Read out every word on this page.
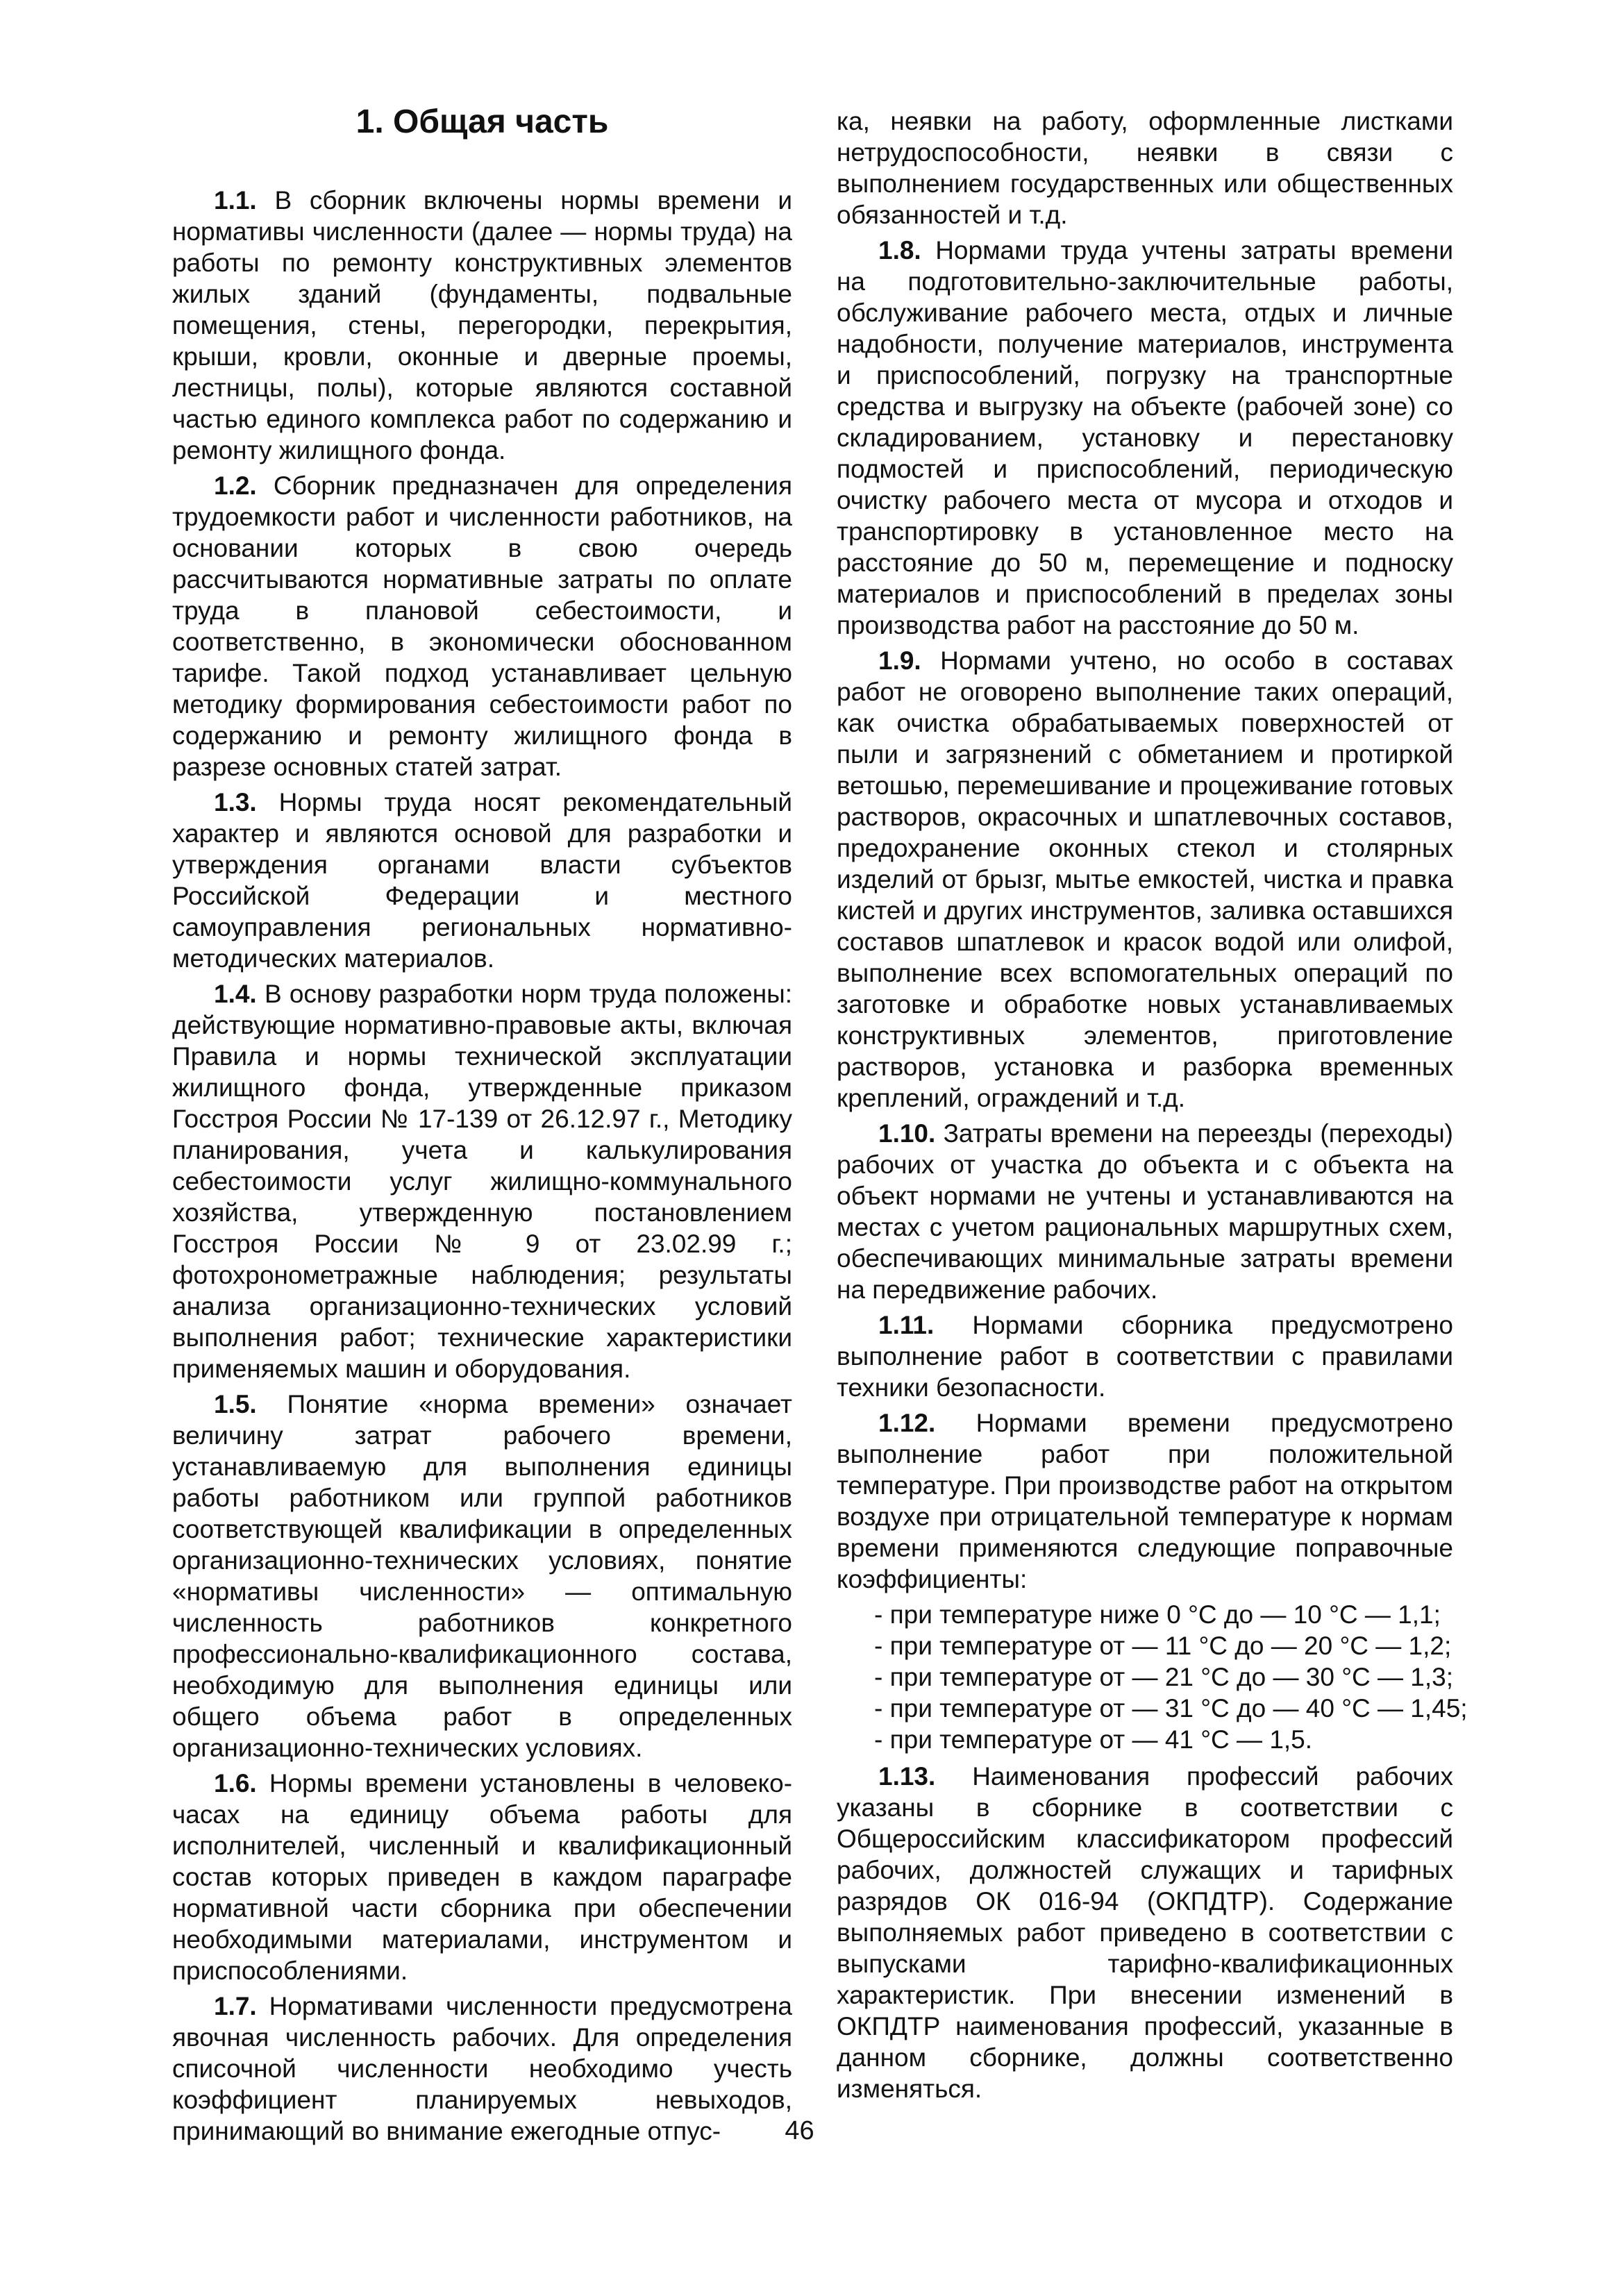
1. Общая часть

1.1. В сборник включены нормы времени и нормативы численности (далее — нормы труда) на работы по ремонту конструктивных элементов жилых зданий (фундаменты, подвальные помещения, стены, перегородки, перекрытия, крыши, кровли, оконные и дверные проемы, лестницы, полы), которые являются составной частью единого комплекса работ по содержанию и ремонту жилищного фонда.

1.2. Сборник предназначен для определения трудоемкости работ и численности работников, на основании которых в свою очередь рассчитываются нормативные затраты по оплате труда в плановой себестоимости, и соответственно, в экономически обоснованном тарифе. Такой подход устанавливает цельную методику формирования себестоимости работ по содержанию и ремонту жилищного фонда в разрезе основных статей затрат.

1.3. Нормы труда носят рекомендательный характер и являются основой для разработки и утверждения органами власти субъектов Российской Федерации и местного самоуправления региональных нормативно-методических материалов.

1.4. В основу разработки норм труда положены: действующие нормативно-правовые акты, включая Правила и нормы технической эксплуатации жилищного фонда, утвержденные приказом Госстроя России № 17-139 от 26.12.97 г., Методику планирования, учета и калькулирования себестоимости услуг жилищно-коммунального хозяйства, утвержденную постановлением Госстроя России № 9 от 23.02.99 г.; фотохронометражные наблюдения; результаты анализа организационно-технических условий выполнения работ; технические характеристики применяемых машин и оборудования.

1.5. Понятие «норма времени» означает величину затрат рабочего времени, устанавливаемую для выполнения единицы работы работником или группой работников соответствующей квалификации в определенных организационно-технических условиях, понятие «нормативы численности» — оптимальную численность работников конкретного профессионально-квалификационного состава, необходимую для выполнения единицы или общего объема работ в определенных организационно-технических условиях.

1.6. Нормы времени установлены в человеко-часах на единицу объема работы для исполнителей, численный и квалификационный состав которых приведен в каждом параграфе нормативной части сборника при обеспечении необходимыми материалами, инструментом и приспособлениями.

1.7. Нормативами численности предусмотрена явочная численность рабочих. Для определения списочной численности необходимо учесть коэффициент планируемых невыходов, принимающий во внимание ежегодные отпус-

ка, неявки на работу, оформленные листками нетрудоспособности, неявки в связи с выполнением государственных или общественных обязанностей и т.д.

1.8. Нормами труда учтены затраты времени на подготовительно-заключительные работы, обслуживание рабочего места, отдых и личные надобности, получение материалов, инструмента и приспособлений, погрузку на транспортные средства и выгрузку на объекте (рабочей зоне) со складированием, установку и перестановку подмостей и приспособлений, периодическую очистку рабочего места от мусора и отходов и транспортировку в установленное место на расстояние до 50 м, перемещение и подноску материалов и приспособлений в пределах зоны производства работ на расстояние до 50 м.

1.9. Нормами учтено, но особо в составах работ не оговорено выполнение таких операций, как очистка обрабатываемых поверхностей от пыли и загрязнений с обметанием и протиркой ветошью, перемешивание и процеживание готовых растворов, окрасочных и шпатлевочных составов, предохранение оконных стекол и столярных изделий от брызг, мытье емкостей, чистка и правка кистей и других инструментов, заливка оставшихся составов шпатлевок и красок водой или олифой, выполнение всех вспомогательных операций по заготовке и обработке новых устанавливаемых конструктивных элементов, приготовление растворов, установка и разборка временных креплений, ограждений и т.д.

1.10. Затраты времени на переезды (переходы) рабочих от участка до объекта и с объекта на объект нормами не учтены и устанавливаются на местах с учетом рациональных маршрутных схем, обеспечивающих минимальные затраты времени на передвижение рабочих.

1.11. Нормами сборника предусмотрено выполнение работ в соответствии с правилами техники безопасности.

1.12. Нормами времени предусмотрено выполнение работ при положительной температуре. При производстве работ на открытом воздухе при отрицательной температуре к нормам времени применяются следующие поправочные коэффициенты:

- при температуре ниже 0 °С до — 10 °С — 1,1;
- при температуре от — 11 °С до — 20 °С — 1,2;
- при температуре от — 21 °С до — 30 °С — 1,3;
- при температуре от — 31 °С до — 40 °С — 1,45;
- при температуре от — 41 °С — 1,5.

1.13. Наименования профессий рабочих указаны в сборнике в соответствии с Общероссийским классификатором профессий рабочих, должностей служащих и тарифных разрядов ОК 016-94 (ОКПДТР). Содержание выполняемых работ приведено в соответствии с выпусками тарифно-квалификационных характеристик. При внесении изменений в ОКПДТР наименования профессий, указанные в данном сборнике, должны соответственно изменяться.

46
